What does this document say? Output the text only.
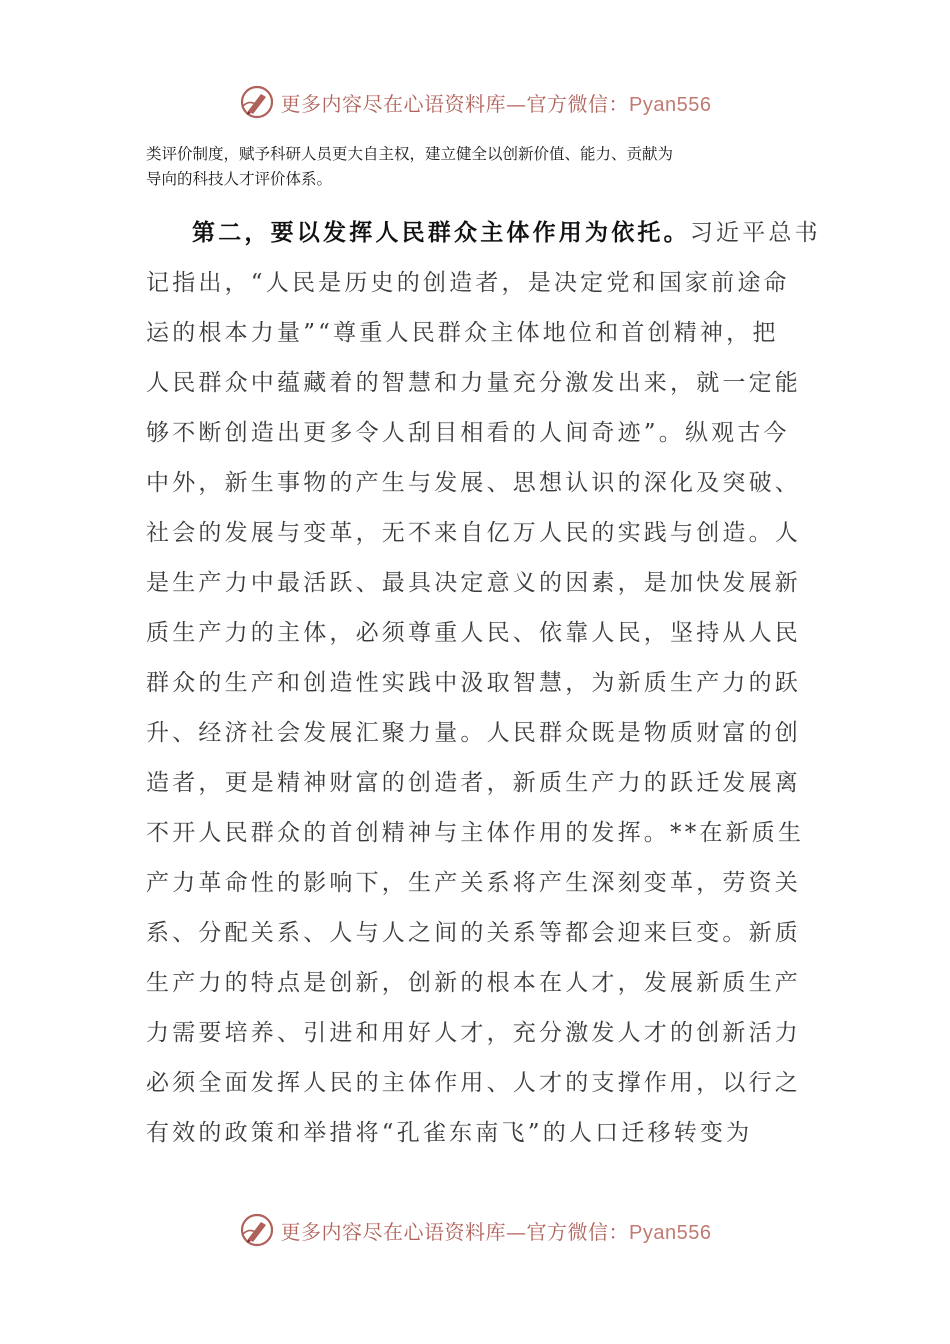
更多内容尽在心语资料库—官方微信：Pyan556

类评价制度，赋予科研人员更大自主权，建立健全以创新价值、能力、贡献为

导向的科技人才评价体系。

第二，要以发挥人民群众主体作用为依托。习近平总书

记指出，“人民是历史的创造者，是决定党和国家前途命

运的根本力量”“尊重人民群众主体地位和首创精神，把

人民群众中蕴藏着的智慧和力量充分激发出来，就一定能

够不断创造出更多令人刮目相看的人间奇迹”。纵观古今

中外，新生事物的产生与发展、思想认识的深化及突破、

社会的发展与变革，无不来自亿万人民的实践与创造。人

是生产力中最活跃、最具决定意义的因素，是加快发展新

质生产力的主体，必须尊重人民、依靠人民，坚持从人民

群众的生产和创造性实践中汲取智慧，为新质生产力的跃

升、经济社会发展汇聚力量。人民群众既是物质财富的创

造者，更是精神财富的创造者，新质生产力的跃迁发展离

不开人民群众的首创精神与主体作用的发挥。**在新质生

产力革命性的影响下，生产关系将产生深刻变革，劳资关

系、分配关系、人与人之间的关系等都会迎来巨变。新质

生产力的特点是创新，创新的根本在人才，发展新质生产

力需要培养、引进和用好人才，充分激发人才的创新活力

必须全面发挥人民的主体作用、人才的支撑作用，以行之

有效的政策和举措将“孔雀东南飞”的人口迁移转变为

更多内容尽在心语资料库—官方微信：Pyan556
